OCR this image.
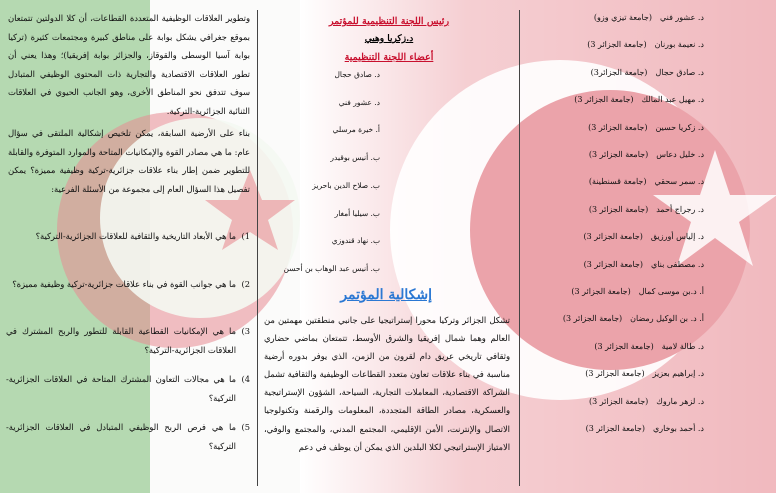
د. عشور فني(جامعة تيزي وزو)
د. نعيمة بورنان(جامعة الجزائر 3)
د. صادق حجال(جامعة الجزائر3)
د. مهيل عبد المالك(جامعة الجزائر 3)
د. زكريا حسين(جامعة الجزائر 3)
د. خليل دعاس(جامعة الجزائر 3)
د. سمر سحقي(جامعة قسنطينة)
د. رجراج أحمد(جامعة الجزائر 3)
د. إلياس أورزيق(جامعة الجزائر 3)
د. مصطفى بناي(جامعة الجزائر 3)
أ. د.بن موسى كمال(جامعة الجزائر 3)
أ. د. بن الوكيل رمضان(جامعة الجزائر 3)
د. طالة لامية(جامعة الجزائر 3)
د. إبراهيم بعزيز(جامعة الجزائر 3)
د. لزهر ماروك(جامعة الجزائر 3)
د. أحمد بوخاري(جامعة الجزائر 3)
رئيس اللجنة التنظيمية للمؤتمر
د.زكريا وهبي
أعضاء اللجنة التنظيمية
د. صادق حجال
د. عشور فني
أ. خيرة مرسلي
ب. أنيس بوقيدر
ب. صلاح الدين باحريز
ب. سيليا أمغار
ب. نهاد قندوزي
ب. أنيس عبد الوهاب بن أحسن
إشكالية المؤتمر
تشكل الجزائر وتركيا محورا إستراتيجيا على جانبي منطقتين مهمتين من العالم وهما شمال إفريقيا والشرق الأوسط، تتمتعان بماضي حضاري وثقافي تاريخي عريق دام لقرون من الزمن، الذي يوفر بدوره أرضية مناسبة في بناء علاقات تعاون متعدد القطاعات الوظيفية والثقافية تشمل الشراكة الاقتصادية، المعاملات التجارية، السياحة، الشؤون الإستراتيجية والعسكرية، مصادر الطاقة المتجددة، المعلومات والرقمنة وتكنولوجيا الاتصال والإنترنت، الأمن الإقليمي، المجتمع المدني، والمجتمع والوفي، الامتياز الإستراتيجي لكلا البلدين الذي يمكن أن يوظف في دعم
وتطوير العلاقات الوظيفية المتعددة القطاعات، أن كلا الدولتين تتمتعان بموقع جغرافي يشكل بوابة على مناطق كبيرة ومجتمعات كثيرة (تركيا بوابة آسيا الوسطى والقوقاز، والجزائر بوابة إفريقيا)؛ وهذا يعني أن تطور العلاقات الاقتصادية والتجارية ذات المحتوى الوظيفي المتبادل سوف تتدفق نحو المناطق الأخرى، وهو الجانب الحيوي في العلاقات الثنائية الجزائرية-التركية.
بناء على الأرضية السابقة، يمكن تلخيص إشكالية الملتقى في سؤال عام: ما هي مصادر القوة والإمكانيات المتاحة والموارد المتوفرة والقابلة للتطوير ضمن إطار بناء علاقات جزائرية-تركية وظيفية مميزة؟ يمكن تفصيل هذا السؤال العام إلى مجموعة من الأسئلة الفرعية:
1)
ما هي الأبعاد التاريخية والثقافية للعلاقات الجزائرية-التركية؟
2)
ما هي جوانب القوة في بناء علاقات جزائرية-تركية وظيفية مميزة؟
3)
ما هي الإمكانيات القطاعية القابلة للتطور والربح المشترك في العلاقات الجزائرية-التركية؟
4)
ما هي مجالات التعاون المشترك المتاحة في العلاقات الجزائرية-التركية؟
5)
ما هي فرص الربح الوظيفي المتبادل في العلاقات الجزائرية-التركية؟
